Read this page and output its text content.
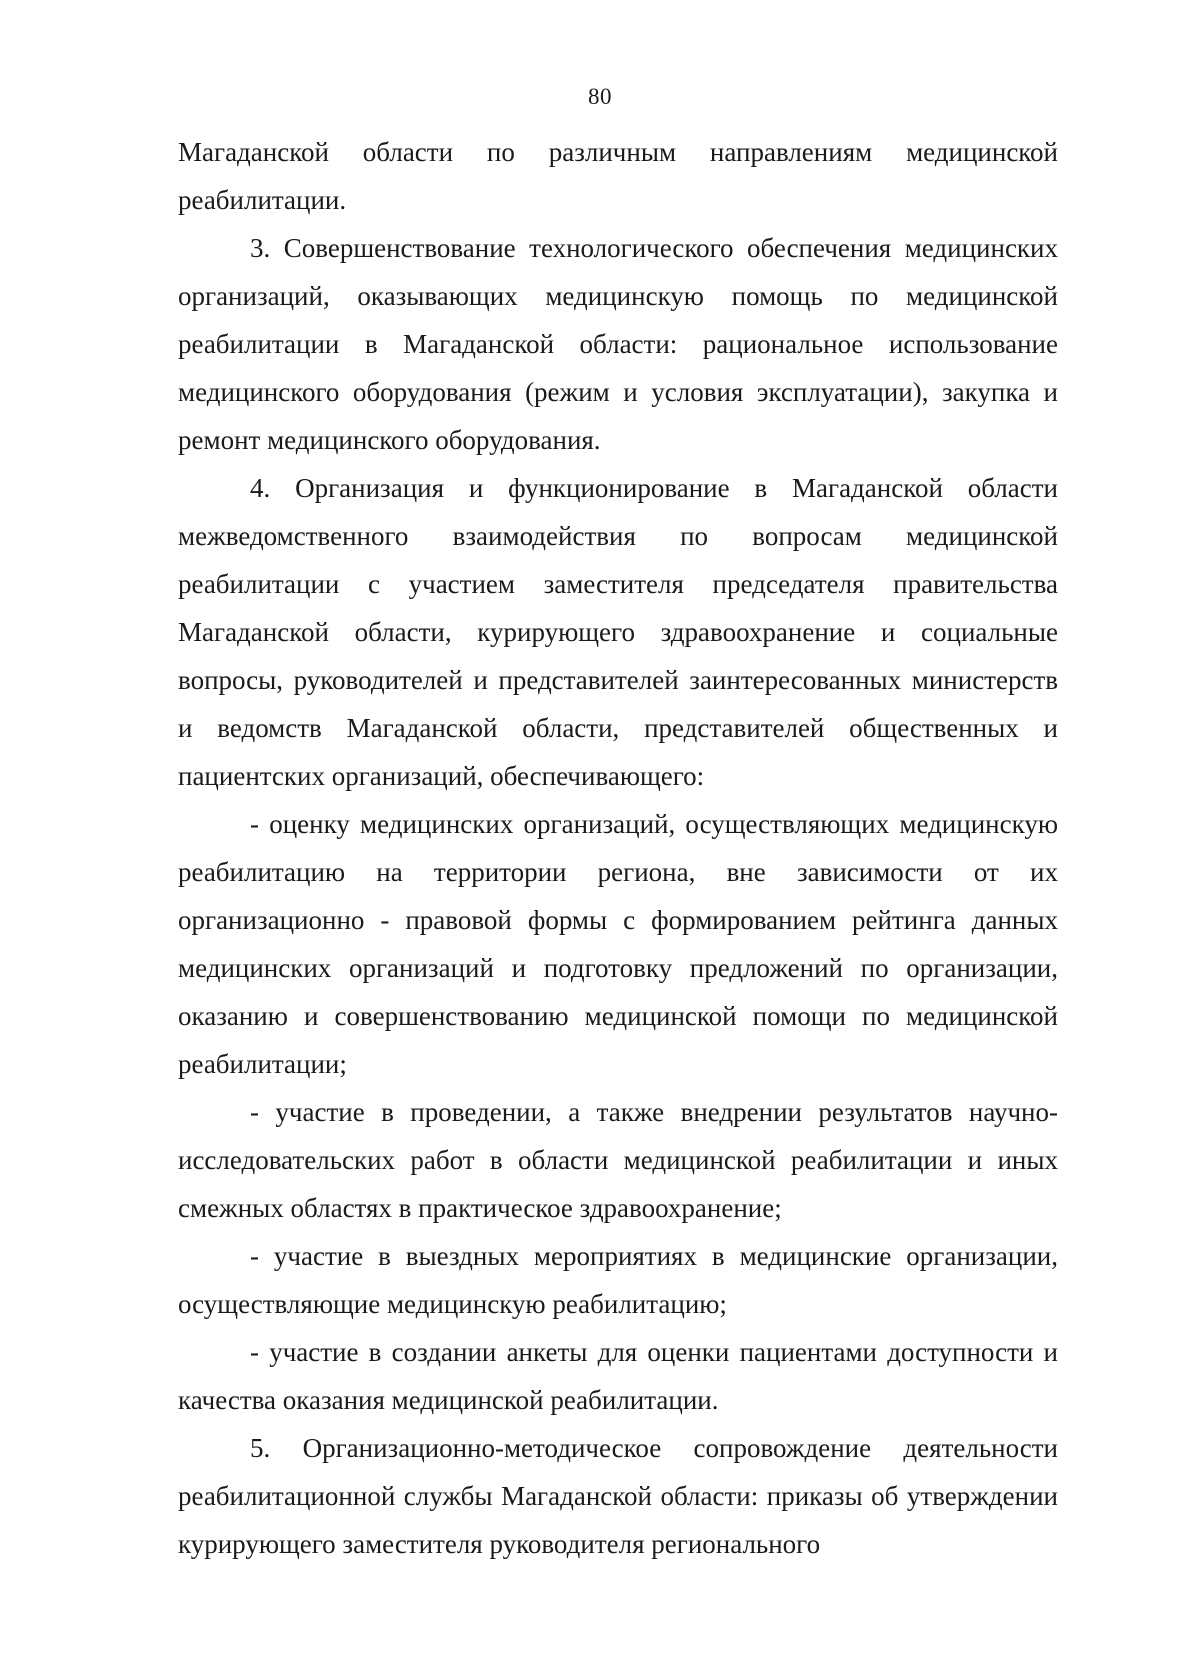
80

Магаданской области по различным направлениям медицинской реабилитации.

3. Совершенствование технологического обеспечения медицинских организаций, оказывающих медицинскую помощь по медицинской реабилитации в Магаданской области: рациональное использование медицинского оборудования (режим и условия эксплуатации), закупка и ремонт медицинского оборудования.

4. Организация и функционирование в Магаданской области межведомственного взаимодействия по вопросам медицинской реабилитации с участием заместителя председателя правительства Магаданской области, курирующего здравоохранение и социальные вопросы, руководителей и представителей заинтересованных министерств и ведомств Магаданской области, представителей общественных и пациентских организаций, обеспечивающего:

- оценку медицинских организаций, осуществляющих медицинскую реабилитацию на территории региона, вне зависимости от их организационно - правовой формы с формированием рейтинга данных медицинских организаций и подготовку предложений по организации, оказанию и совершенствованию медицинской помощи по медицинской реабилитации;

- участие в проведении, а также внедрении результатов научно-исследовательских работ в области медицинской реабилитации и иных смежных областях в практическое здравоохранение;

- участие в выездных мероприятиях в медицинские организации, осуществляющие медицинскую реабилитацию;

- участие в создании анкеты для оценки пациентами доступности и качества оказания медицинской реабилитации.

5. Организационно-методическое сопровождение деятельности реабилитационной службы Магаданской области: приказы об утверждении курирующего заместителя руководителя регионального
